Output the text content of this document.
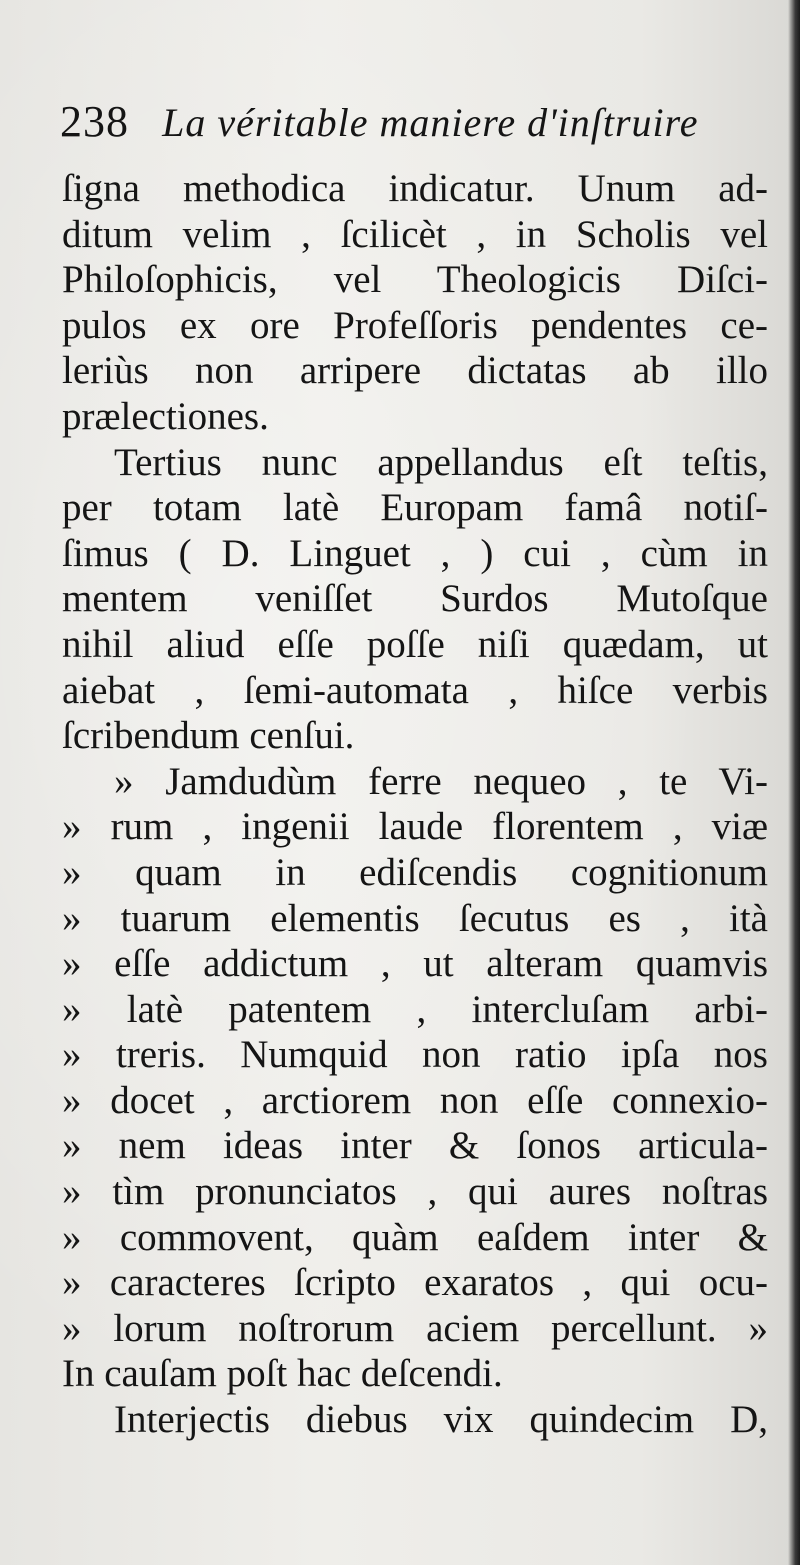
238 La véritable maniere d'inſtruire
ſigna methodica indicatur. Unum ad-
ditum velim , ſcilicèt , in Scholis vel
Philoſophicis, vel Theologicis Diſci-
pulos ex ore Profeſſoris pendentes ce-
leriùs non arripere dictatas ab illo
prælectiones.
Tertius nunc appellandus eſt teſtis,
per totam latè Europam famâ notiſ-
ſimus ( D. Linguet , ) cui , cùm in
mentem veniſſet Surdos Mutoſque
nihil aliud eſſe poſſe niſi quædam, ut
aiebat , ſemi-automata , hiſce verbis
ſcribendum cenſui.
» Jamdudùm ferre nequeo , te Vi-
» rum , ingenii laude florentem , viæ
» quam in ediſcendis cognitionum
» tuarum elementis ſecutus es , ità
» eſſe addictum , ut alteram quamvis
» latè patentem , intercluſam arbi-
» treris. Numquid non ratio ipſa nos
» docet , arctiorem non eſſe connexio-
» nem ideas inter & ſonos articula-
» tìm pronunciatos , qui aures noſtras
» commovent, quàm eaſdem inter &
» caracteres ſcripto exaratos , qui ocu-
» lorum noſtrorum aciem percellunt. »
In cauſam poſt hac deſcendi.
Interjectis diebus vix quindecim D,
